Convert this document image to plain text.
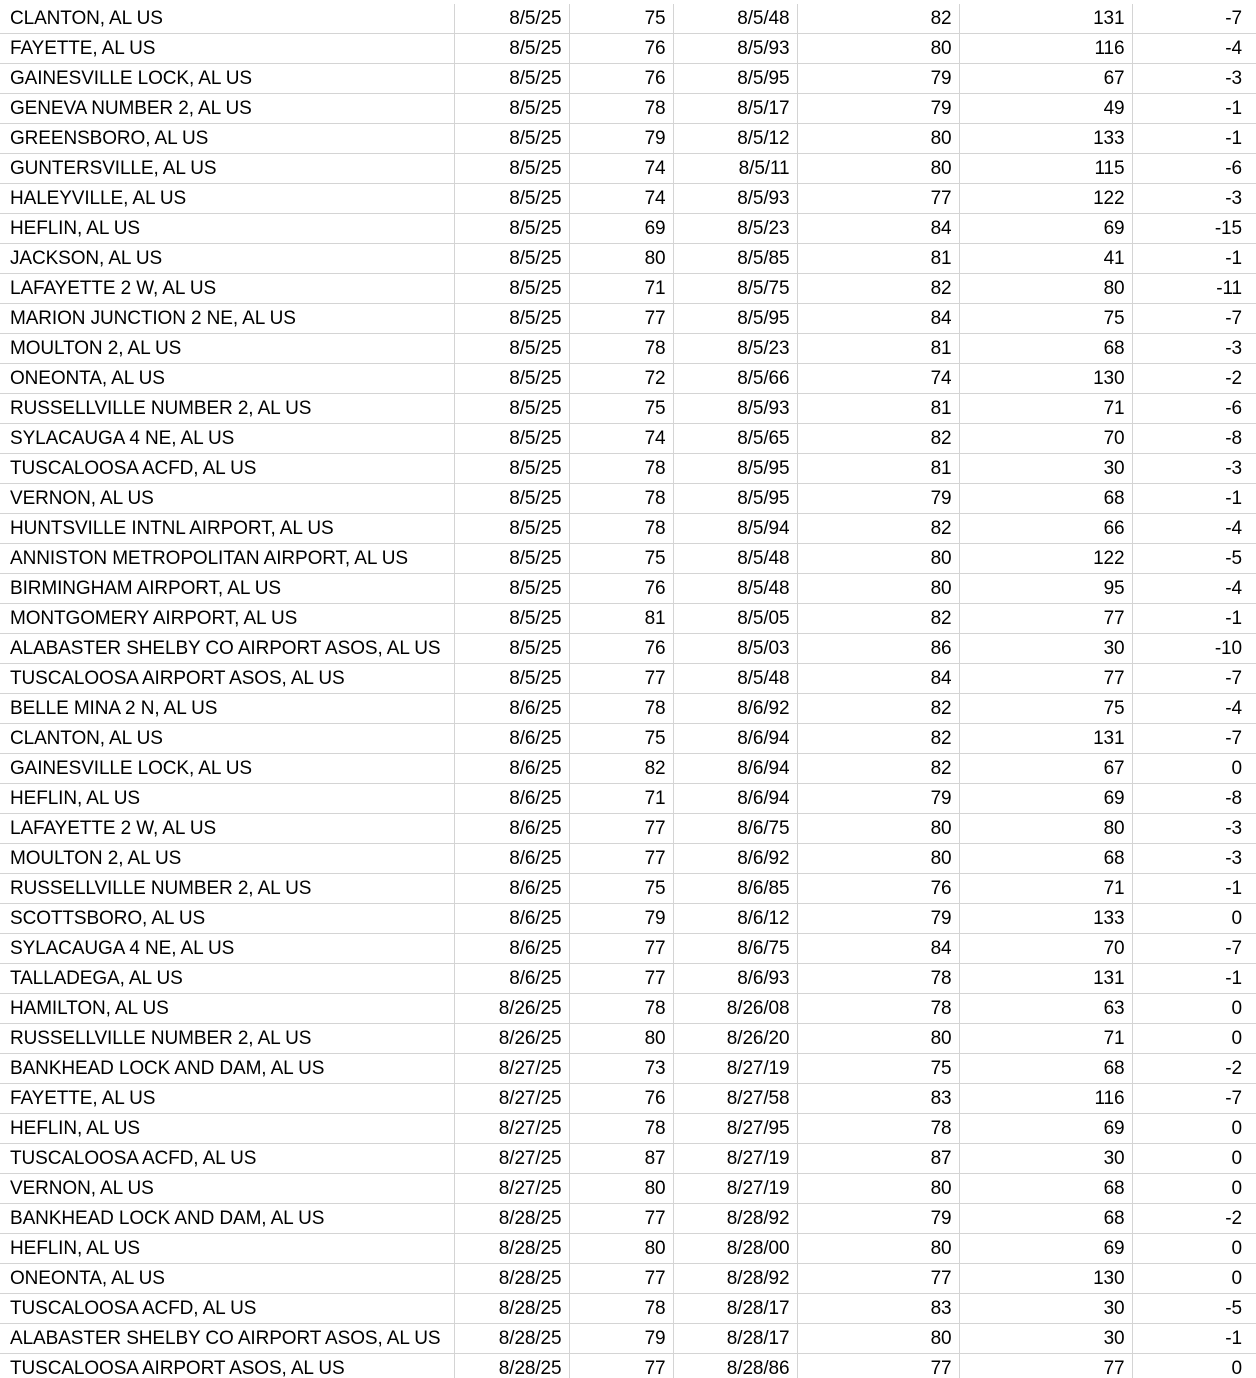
CLANTON, AL US	8/5/25	75	8/5/48	82	131	-7
FAYETTE, AL US	8/5/25	76	8/5/93	80	116	-4
GAINESVILLE LOCK, AL US	8/5/25	76	8/5/95	79	67	-3
GENEVA NUMBER 2, AL US	8/5/25	78	8/5/17	79	49	-1
GREENSBORO, AL US	8/5/25	79	8/5/12	80	133	-1
GUNTERSVILLE, AL US	8/5/25	74	8/5/11	80	115	-6
HALEYVILLE, AL US	8/5/25	74	8/5/93	77	122	-3
HEFLIN, AL US	8/5/25	69	8/5/23	84	69	-15
JACKSON, AL US	8/5/25	80	8/5/85	81	41	-1
LAFAYETTE 2 W, AL US	8/5/25	71	8/5/75	82	80	-11
MARION JUNCTION 2 NE, AL US	8/5/25	77	8/5/95	84	75	-7
MOULTON 2, AL US	8/5/25	78	8/5/23	81	68	-3
ONEONTA, AL US	8/5/25	72	8/5/66	74	130	-2
RUSSELLVILLE NUMBER 2, AL US	8/5/25	75	8/5/93	81	71	-6
SYLACAUGA 4 NE, AL US	8/5/25	74	8/5/65	82	70	-8
TUSCALOOSA ACFD, AL US	8/5/25	78	8/5/95	81	30	-3
VERNON, AL US	8/5/25	78	8/5/95	79	68	-1
HUNTSVILLE INTNL AIRPORT, AL US	8/5/25	78	8/5/94	82	66	-4
ANNISTON METROPOLITAN AIRPORT, AL US	8/5/25	75	8/5/48	80	122	-5
BIRMINGHAM AIRPORT, AL US	8/5/25	76	8/5/48	80	95	-4
MONTGOMERY AIRPORT, AL US	8/5/25	81	8/5/05	82	77	-1
ALABASTER SHELBY CO AIRPORT ASOS, AL US	8/5/25	76	8/5/03	86	30	-10
TUSCALOOSA AIRPORT ASOS, AL US	8/5/25	77	8/5/48	84	77	-7
BELLE MINA 2 N, AL US	8/6/25	78	8/6/92	82	75	-4
CLANTON, AL US	8/6/25	75	8/6/94	82	131	-7
GAINESVILLE LOCK, AL US	8/6/25	82	8/6/94	82	67	0
HEFLIN, AL US	8/6/25	71	8/6/94	79	69	-8
LAFAYETTE 2 W, AL US	8/6/25	77	8/6/75	80	80	-3
MOULTON 2, AL US	8/6/25	77	8/6/92	80	68	-3
RUSSELLVILLE NUMBER 2, AL US	8/6/25	75	8/6/85	76	71	-1
SCOTTSBORO, AL US	8/6/25	79	8/6/12	79	133	0
SYLACAUGA 4 NE, AL US	8/6/25	77	8/6/75	84	70	-7
TALLADEGA, AL US	8/6/25	77	8/6/93	78	131	-1
HAMILTON, AL US	8/26/25	78	8/26/08	78	63	0
RUSSELLVILLE NUMBER 2, AL US	8/26/25	80	8/26/20	80	71	0
BANKHEAD LOCK AND DAM, AL US	8/27/25	73	8/27/19	75	68	-2
FAYETTE, AL US	8/27/25	76	8/27/58	83	116	-7
HEFLIN, AL US	8/27/25	78	8/27/95	78	69	0
TUSCALOOSA ACFD, AL US	8/27/25	87	8/27/19	87	30	0
VERNON, AL US	8/27/25	80	8/27/19	80	68	0
BANKHEAD LOCK AND DAM, AL US	8/28/25	77	8/28/92	79	68	-2
HEFLIN, AL US	8/28/25	80	8/28/00	80	69	0
ONEONTA, AL US	8/28/25	77	8/28/92	77	130	0
TUSCALOOSA ACFD, AL US	8/28/25	78	8/28/17	83	30	-5
ALABASTER SHELBY CO AIRPORT ASOS, AL US	8/28/25	79	8/28/17	80	30	-1
TUSCALOOSA AIRPORT ASOS, AL US	8/28/25	77	8/28/86	77	77	0
